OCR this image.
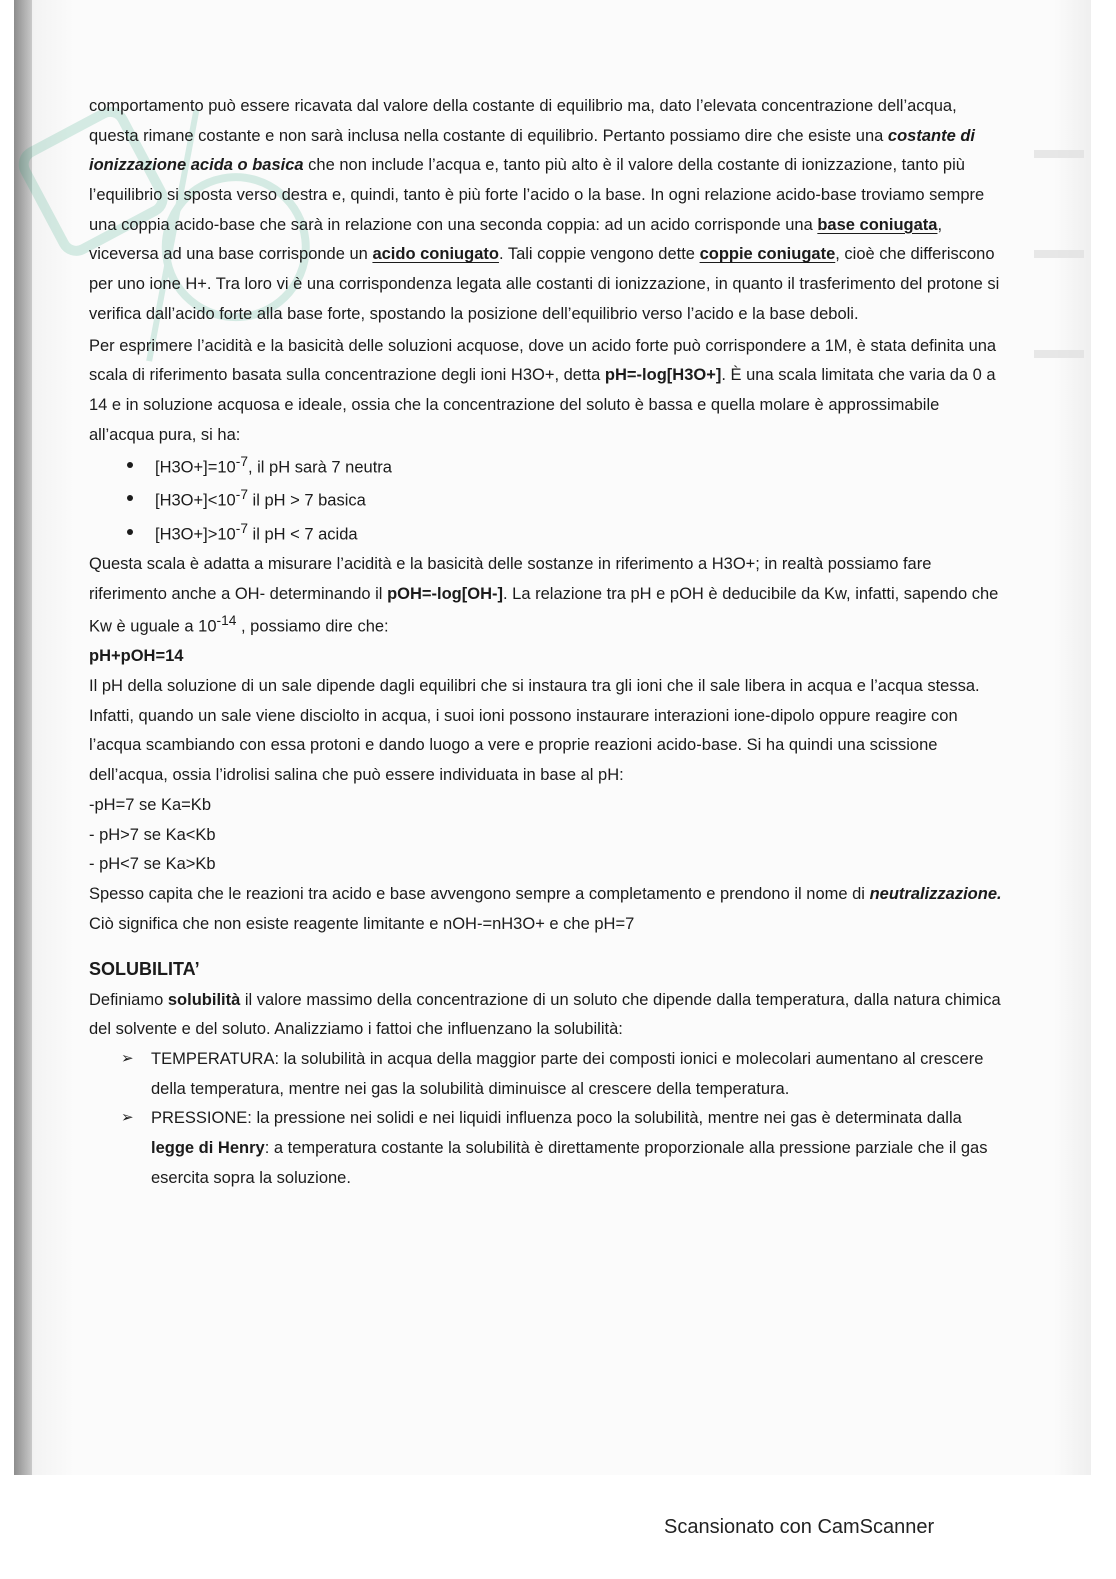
comportamento può essere ricavata dal valore della costante di equilibrio ma, dato l’elevata concentrazione dell’acqua, questa rimane costante e non sarà inclusa nella costante di equilibrio. Pertanto possiamo dire che esiste una costante di ionizzazione acida o basica che non include l’acqua e, tanto più alto è il valore della costante di ionizzazione, tanto più l’equilibrio si sposta verso destra e, quindi, tanto è più forte l’acido o la base. In ogni relazione acido-base troviamo sempre una coppia acido-base che sarà in relazione con una seconda coppia: ad un acido corrisponde una base coniugata, viceversa ad una base corrisponde un acido coniugato. Tali coppie vengono dette coppie coniugate, cioè che differiscono per uno ione H+. Tra loro vi è una corrispondenza legata alle costanti di ionizzazione, in quanto il trasferimento del protone si verifica dall’acido forte alla base forte, spostando la posizione dell’equilibrio verso l’acido e la base deboli.

Per esprimere l’acidità e la basicità delle soluzioni acquose, dove un acido forte può corrispondere a 1M, è stata definita una scala di riferimento basata sulla concentrazione degli ioni H3O+, detta pH=-log[H3O+]. È una scala limitata che varia da 0 a 14 e in soluzione acquosa e ideale, ossia che la concentrazione del soluto è bassa e quella molare è approssimabile all’acqua pura, si ha:

$[H3O+]=10^{-7}$, il pH sarà 7 neutra
$[H3O+]<10^{-7}$ il pH > 7 basica
$[H3O+]>10^{-7}$ il pH < 7 acida

Questa scala è adatta a misurare l’acidità e la basicità delle sostanze in riferimento a H3O+; in realtà possiamo fare riferimento anche a OH- determinando il pOH=-log[OH-]. La relazione tra pH e pOH è deducibile da Kw, infatti, sapendo che Kw è uguale a $10^{-14}$ , possiamo dire che:

pH+pOH=14

Il pH della soluzione di un sale dipende dagli equilibri che si instaura tra gli ioni che il sale libera in acqua e l’acqua stessa. Infatti, quando un sale viene disciolto in acqua, i suoi ioni possono instaurare interazioni ione-dipolo oppure reagire con l’acqua scambiando con essa protoni e dando luogo a vere e proprie reazioni acido-base. Si ha quindi una scissione dell’acqua, ossia l’idrolisi salina che può essere individuata in base al pH:

-pH=7 se Ka=Kb

- pH>7 se Ka<Kb

- pH<7 se Ka>Kb

Spesso capita che le reazioni tra acido e base avvengono sempre a completamento e prendono il nome di neutralizzazione. Ciò significa che non esiste reagente limitante e nOH-=nH3O+ e che pH=7

SOLUBILITA’

Definiamo solubilità il valore massimo della concentrazione di un soluto che dipende dalla temperatura, dalla natura chimica del solvente e del soluto. Analizziamo i fattoi che influenzano la solubilità:

➢ TEMPERATURA: la solubilità in acqua della maggior parte dei composti ionici e molecolari aumentano al crescere della temperatura, mentre nei gas la solubilità diminuisce al crescere della temperatura.
➢ PRESSIONE: la pressione nei solidi e nei liquidi influenza poco la solubilità, mentre nei gas è determinata dalla legge di Henry: a temperatura costante la solubilità è direttamente proporzionale alla pressione parziale che il gas esercita sopra la soluzione.
Scansionato con CamScanner
